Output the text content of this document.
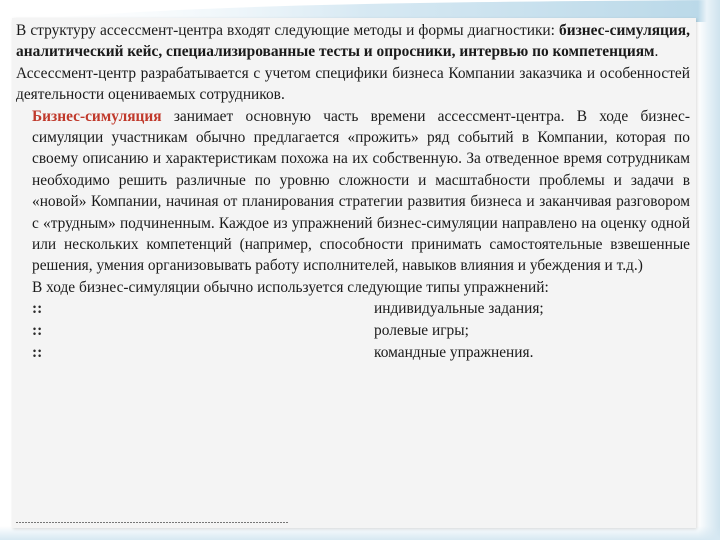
В структуру ассессмент-центра входят следующие методы и формы диагностики: бизнес-симуляция, аналитический кейс, специализированные тесты и опросники, интервью по компетенциям.

Ассессмент-центр разрабатывается с учетом специфики бизнеса Компании заказчика и особенностей деятельности оцениваемых сотрудников.

Бизнес-симуляция занимает основную часть времени ассессмент-центра. В ходе бизнес-симуляции участникам обычно предлагается «прожить» ряд событий в Компании, которая по своему описанию и характеристикам похожа на их собственную. За отведенное время сотрудникам необходимо решить различные по уровню сложности и масштабности проблемы и задачи в «новой» Компании, начиная от планирования стратегии развития бизнеса и заканчивая разговором с «трудным» подчиненным. Каждое из упражнений бизнес-симуляции направлено на оценку одной или нескольких компетенций (например, способности принимать самостоятельные взвешенные решения, умения организовывать работу исполнителей, навыков влияния и убеждения и т.д.)

В ходе бизнес-симуляции обычно используется следующие типы упражнений:

::	индивидуальные задания;
::	ролевые игры;
::	командные упражнения.
